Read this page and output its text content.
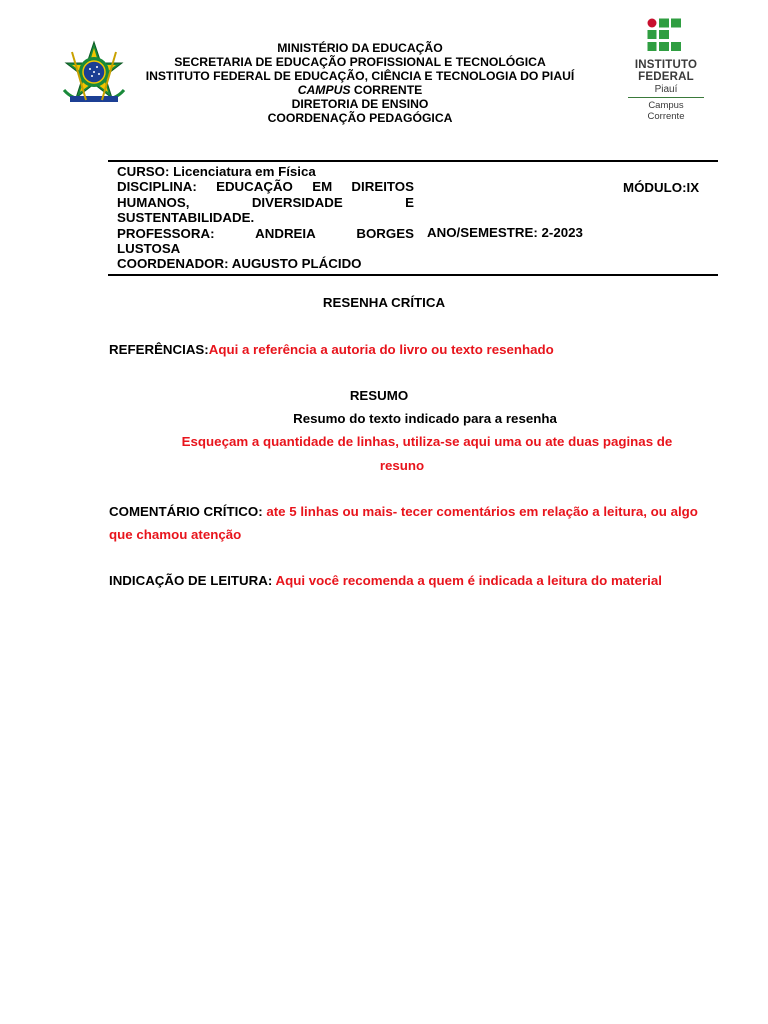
MINISTÉRIO DA EDUCAÇÃO
SECRETARIA DE EDUCAÇÃO PROFISSIONAL E TECNOLÓGICA
INSTITUTO FEDERAL DE EDUCAÇÃO, CIÊNCIA E TECNOLOGIA DO PIAUÍ
CAMPUS CORRENTE
DIRETORIA DE ENSINO
COORDENAÇÃO PEDAGÓGICA
INSTITUTO
FEDERAL
Piauí
Campus
Corrente
CURSO: Licenciatura em Física
DISCIPLINA: EDUCAÇÃO EM DIREITOS
HUMANOS, DIVERSIDADE E
SUSTENTABILIDADE.
PROFESSORA: ANDREIA BORGES
LUSTOSA
COORDENADOR: AUGUSTO PLÁCIDO
MÓDULO:IX
ANO/SEMESTRE: 2-2023
RESENHA CRÍTICA
REFERÊNCIAS:Aqui a referência a autoria do livro ou texto resenhado
RESUMO
Resumo do texto indicado para a resenha
Esqueçam a quantidade de linhas, utiliza-se aqui uma ou ate duas paginas de
resuno
COMENTÁRIO CRÍTICO: ate 5 linhas ou mais- tecer comentários em relação a leitura, ou algo que chamou atenção
INDICAÇÃO DE LEITURA: Aqui você recomenda a quem é indicada a leitura do material
